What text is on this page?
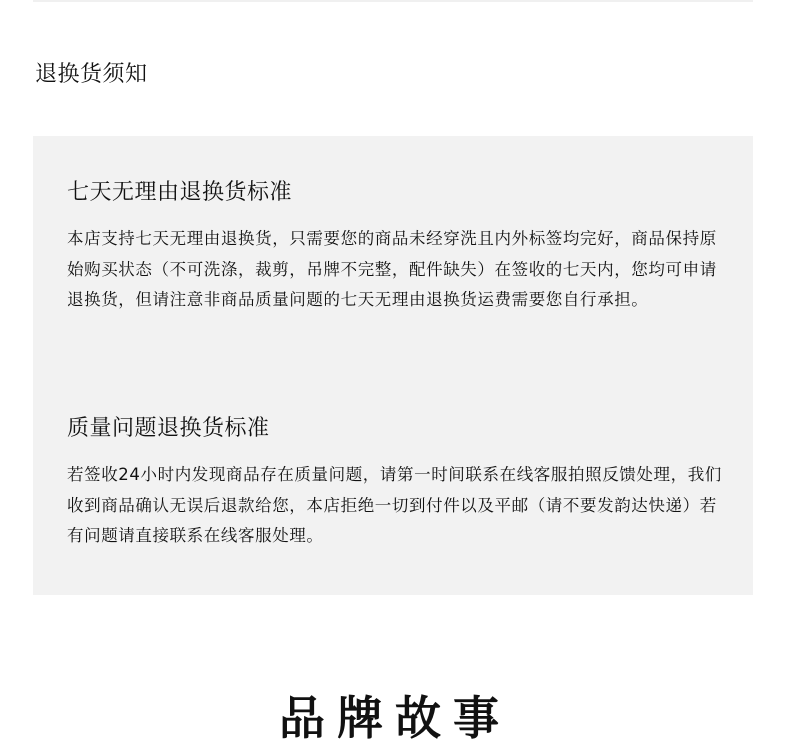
退换货须知
七天无理由退换货标准

本店支持七天无理由退换货，只需要您的商品未经穿洗且内外标签均完好，商品保持原始购买状态（不可洗涤，裁剪，吊牌不完整，配件缺失）在签收的七天内，您均可申请退换货，但请注意非商品质量问题的七天无理由退换货运费需要您自行承担。

质量问题退换货标准

若签收24小时内发现商品存在质量问题，请第一时间联系在线客服拍照反馈处理，我们收到商品确认无误后退款给您，本店拒绝一切到付件以及平邮（请不要发韵达快递）若有问题请直接联系在线客服处理。

品牌故事
